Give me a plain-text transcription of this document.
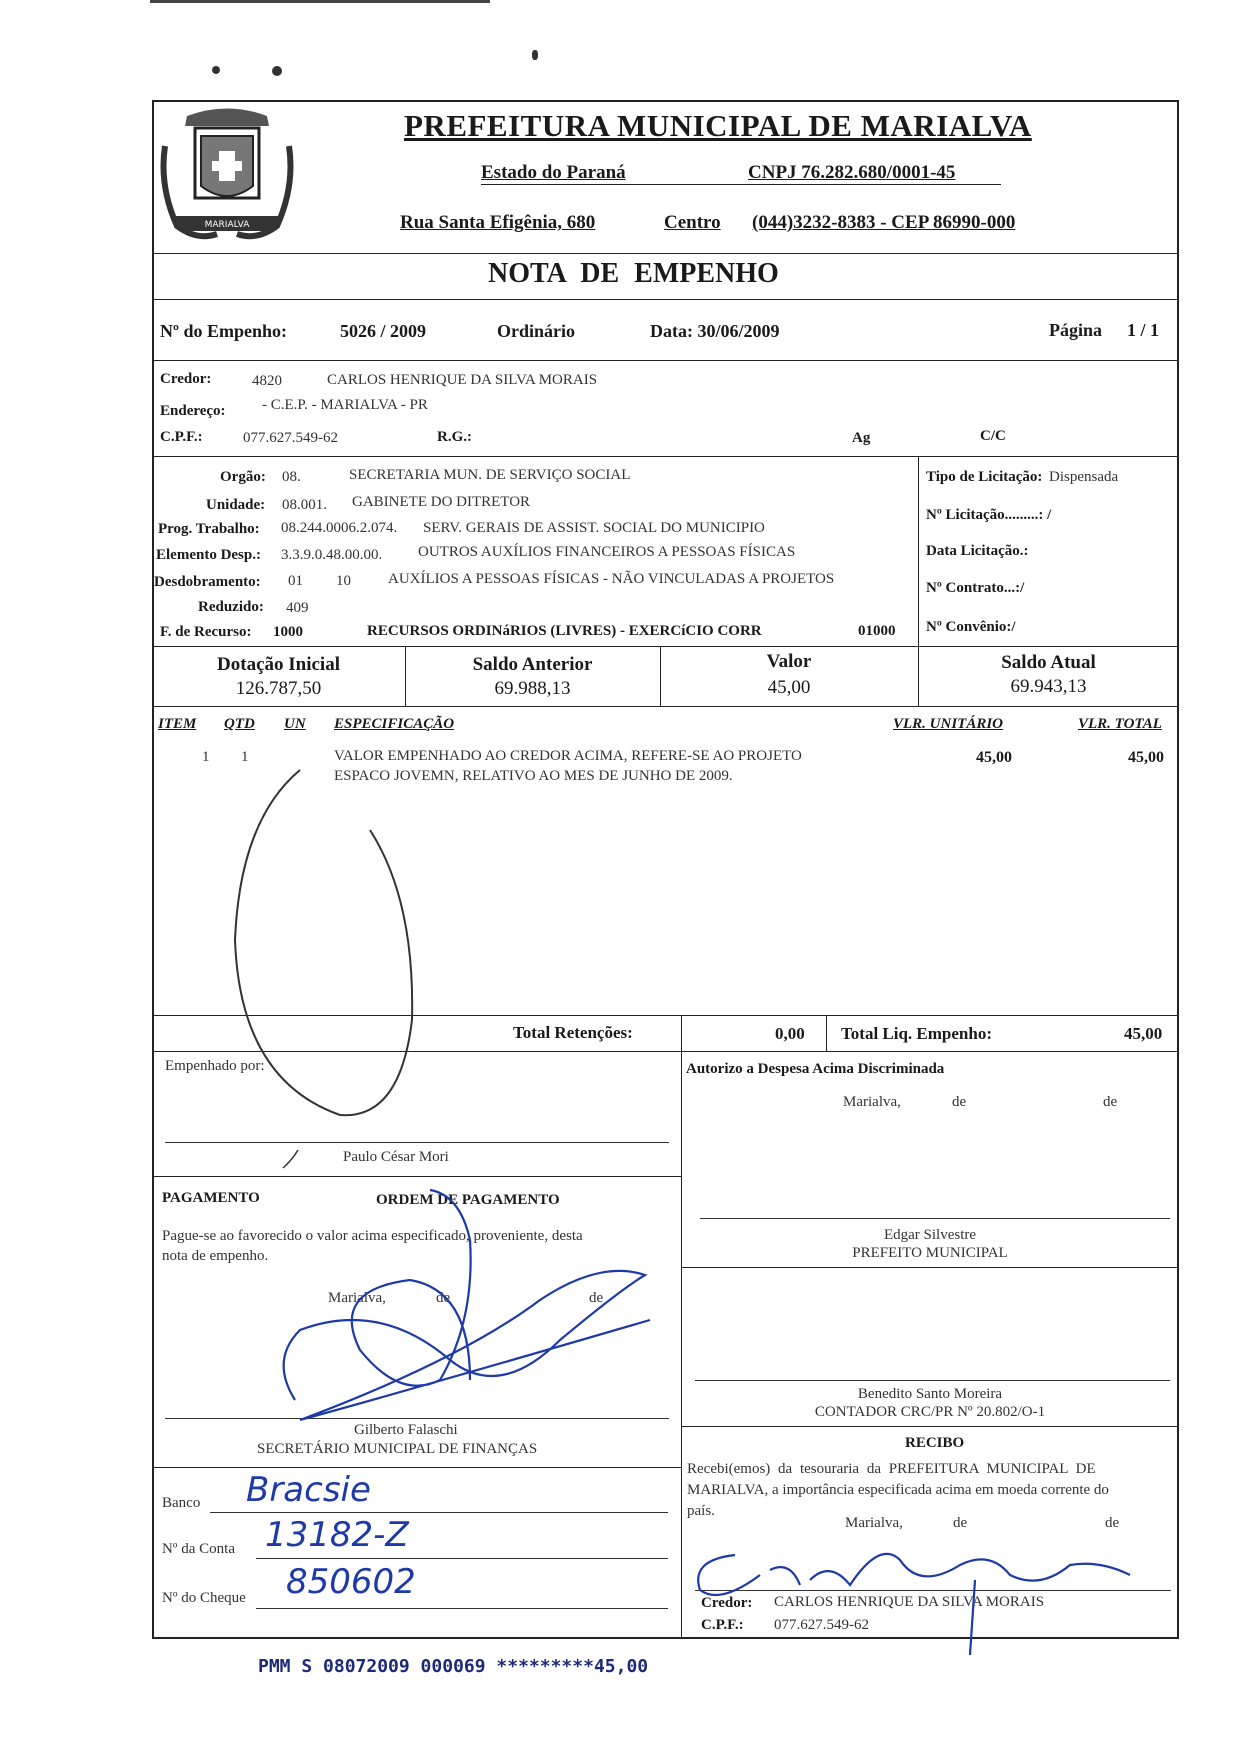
MARIALVA
PREFEITURA MUNICIPAL DE MARIALVA
Estado do Paraná	CNPJ 76.282.680/0001-45
Rua Santa Efigênia, 680	Centro (044)3232-8383 - CEP 86990-000
NOTA DE EMPENHO
Nº do Empenho:	5026 / 2009	Ordinário	Data: 30/06/2009	Página 1 / 1
Credor:	4820	CARLOS HENRIQUE DA SILVA MORAIS
Endereço: - C.E.P. - MARIALVA - PR
C.P.F.:	077.627.549-62	R.G.:	Ag	C/C
Orgão: 08.	SECRETARIA MUN. DE SERVIÇO SOCIAL
Unidade: 08.001. GABINETE DO DITRETOR
Prog. Trabalho: 08.244.0006.2.074. SERV. GERAIS DE ASSIST. SOCIAL DO MUNICIPIO
Elemento Desp.: 3.3.9.0.48.00.00. OUTROS AUXÍLIOS FINANCEIROS A PESSOAS FÍSICAS
Desdobramento: 01 10 AUXÍLIOS A PESSOAS FÍSICAS - NÃO VINCULADAS A PROJETOS
Reduzido: 409
F. de Recurso: 1000	RECURSOS ORDINáRIOS (LIVRES) - EXERCíCIO CORR	01000
Tipo de Licitação: Dispensada
Nº Licitação.........: /
Data Licitação.:
Nº Contrato...:/
Nº Convênio:/
Dotação Inicial
126.787,50
Saldo Anterior
69.988,13
Valor
45,00
Saldo Atual
69.943,13
ITEM QTD UN ESPECIFICAÇÃO	VLR. UNITÁRIO	VLR. TOTAL
1 1	VALOR EMPENHADO AO CREDOR ACIMA, REFERE-SE AO PROJETO
ESPACO JOVEMN, RELATIVO AO MES DE JUNHO DE 2009.
45,00	45,00
Total Retenções:	0,00 Total Liq. Empenho:	45,00
Empenhado por:
Paulo César Mori
PAGAMENTO	ORDEM DE PAGAMENTO
Pague-se ao favorecido o valor acima especificado, proveniente, desta
nota de empenho.
Marialva,	de	de
Gilberto Falaschi
SECRETÁRIO MUNICIPAL DE FINANÇAS
Banco Bracsie
Nº da Conta 13182-Z
Nº do Cheque 850602
Autorizo a Despesa Acima Discriminada
Marialva,	de	de
Edgar Silvestre
PREFEITO MUNICIPAL
Benedito Santo Moreira
CONTADOR CRC/PR Nº 20.802/O-1
RECIBO
Recebi(emos) da tesouraria da PREFEITURA MUNICIPAL DE
MARIALVA, a importância especificada acima em moeda corrente do
país.
Marialva,	de	de
Credor: CARLOS HENRIQUE DA SILVA MORAIS
C.P.F.: 077.627.549-62
PMM S 08072009 000069 *********45,00
